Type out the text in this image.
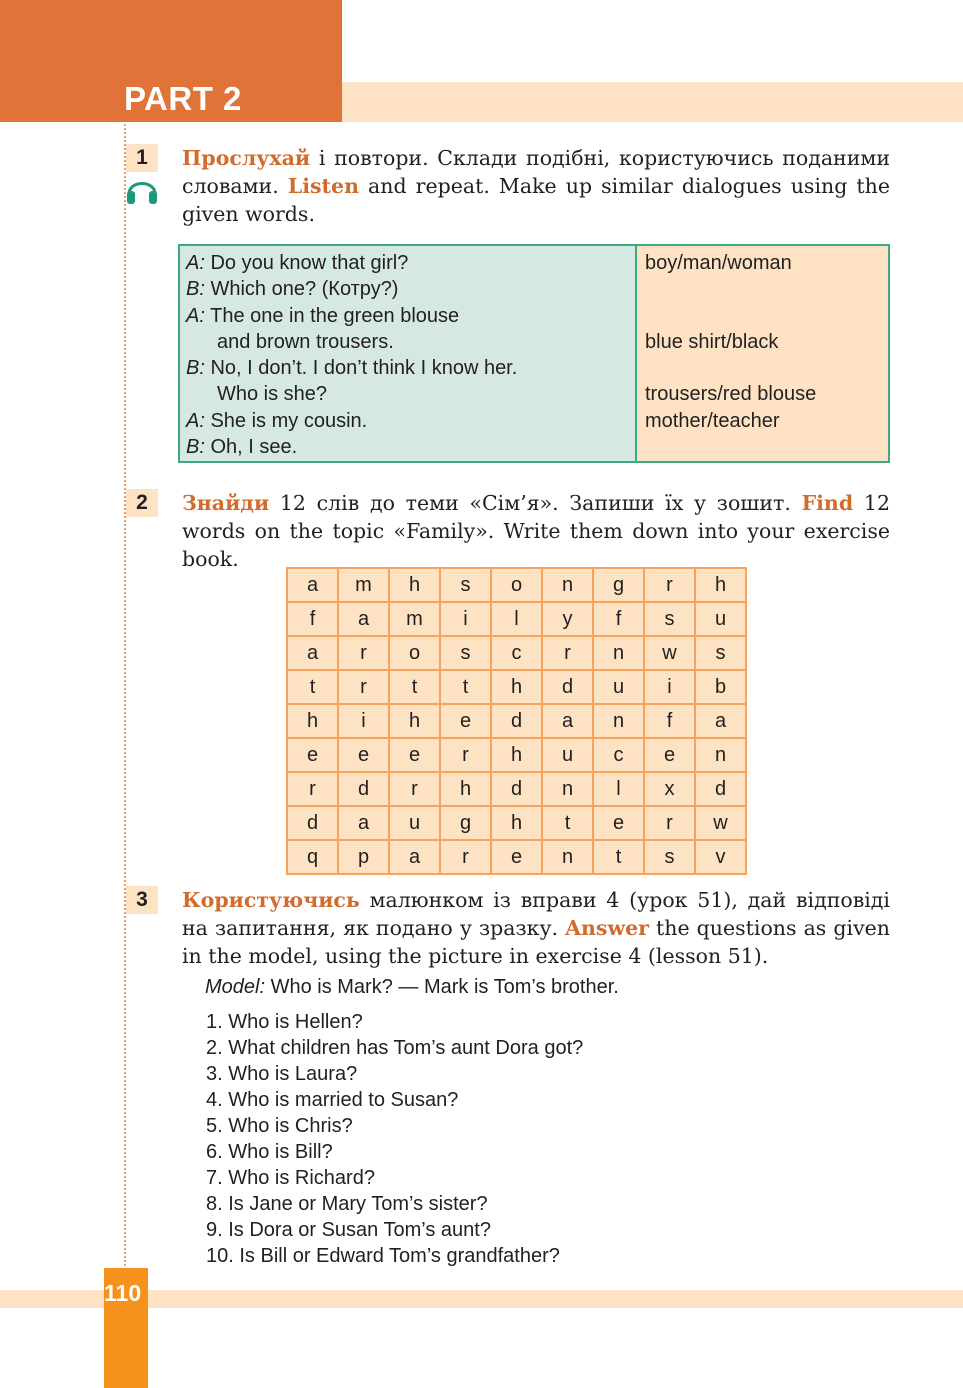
PART 2
1	Прослухай і повтори. Склади подібні, користуючись поданими словами. Listen and repeat. Make up similar dialogues using the given words.
A: Do you know that girl?
B: Which one? (Котру?)
A: The one in the green blouse
and brown trousers.
B: No, I don’t. I don’t think I know her.
Who is she?
A: She is my cousin.
B: Oh, I see.
boy/man/woman
blue shirt/black
trousers/red blouse
mother/teacher
2	Знайди 12 слів до теми «Сім’я». Запиши їх у зошит. Find 12 words on the topic «Family». Write them down into your exercise book.
a	m	h	s	o	n	g	r	h
f	a	m	i	l	y	f	s	u
a	r	o	s	c	r	n	w	s
t	r	t	t	h	d	u	i	b
h	i	h	e	d	a	n	f	a
e	e	e	r	h	u	c	e	n
r	d	r	h	d	n	l	x	d
d	a	u	g	h	t	e	r	w
q	p	a	r	e	n	t	s	v
3	Користуючись малюнком із вправи 4 (урок 51), дай відповіді на запитання, як подано у зразку. Answer the questions as given in the model, using the picture in exercise 4 (lesson 51).
Model: Who is Mark? — Mark is Tom’s brother.
1. Who is Hellen?
2. What children has Tom’s aunt Dora got?
3. Who is Laura?
4. Who is married to Susan?
5. Who is Chris?
6. Who is Bill?
7. Who is Richard?
8. Is Jane or Mary Tom’s sister?
9. Is Dora or Susan Tom’s aunt?
10. Is Bill or Edward Tom’s grandfather?
110
